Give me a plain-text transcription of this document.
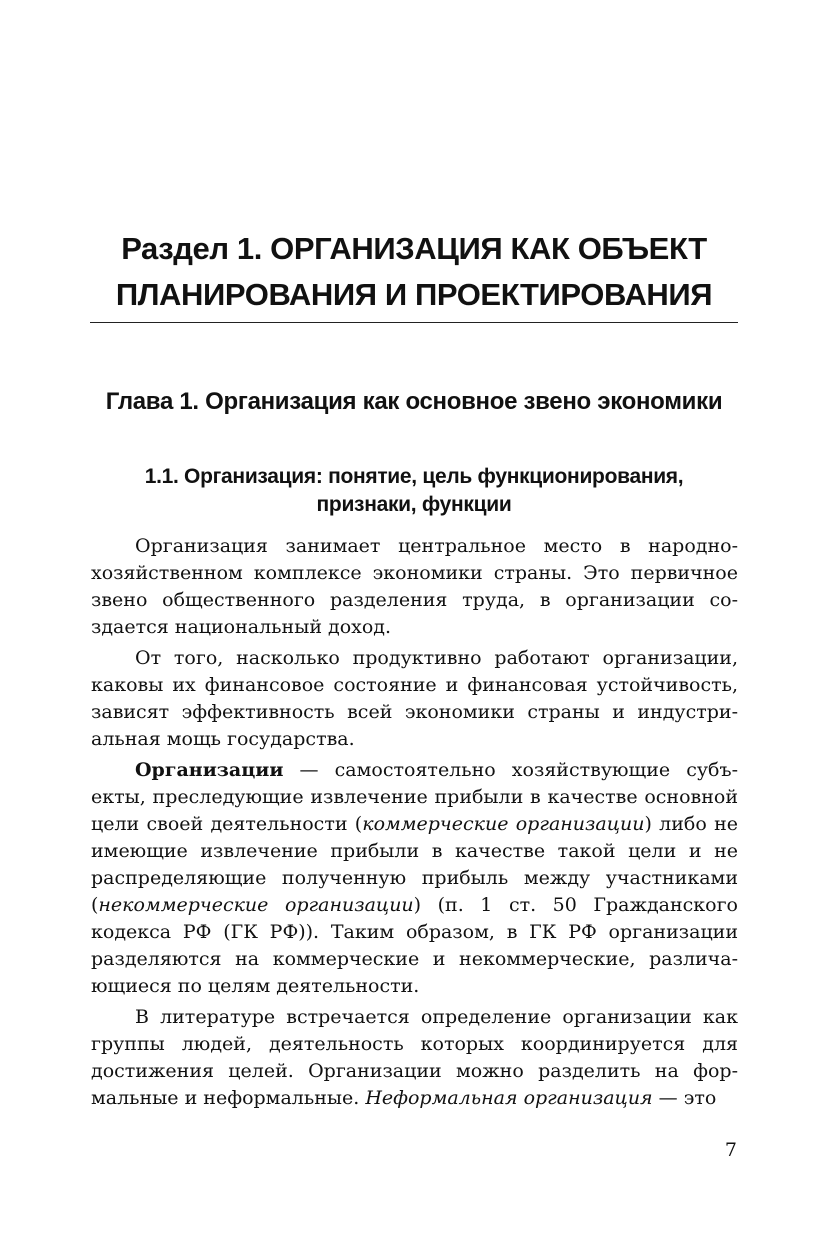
Раздел 1. ОРГАНИЗАЦИЯ КАК ОБЪЕКТ
ПЛАНИРОВАНИЯ И ПРОЕКТИРОВАНИЯ
Глава 1. Организация как основное звено экономики
1.1. Организация: понятие, цель функционирования,
признаки, функции

Организация занимает центральное место в народнохозяйственном комплексе экономики страны. Это первичное звено общественного разделения труда, в организации создается национальный доход.

От того, насколько продуктивно работают организации, каковы их финансовое состояние и финансовая устойчивость, зависят эффективность всей экономики страны и индустриальная мощь государства.

Организации — самостоятельно хозяйствующие субъекты, преследующие извлечение прибыли в качестве основной цели своей деятельности (коммерческие организации) либо не имеющие извлечение прибыли в качестве такой цели и не распределяющие полученную прибыль между участниками (некоммерческие организации) (п. 1 ст. 50 Гражданского кодекса РФ (ГК РФ)). Таким образом, в ГК РФ организации разделяются на коммерческие и некоммерческие, различающиеся по целям деятельности.

В литературе встречается определение организации как группы людей, деятельность которых координируется для достижения целей. Организации можно разделить на формальные и неформальные. Неформальная организация — это

7
